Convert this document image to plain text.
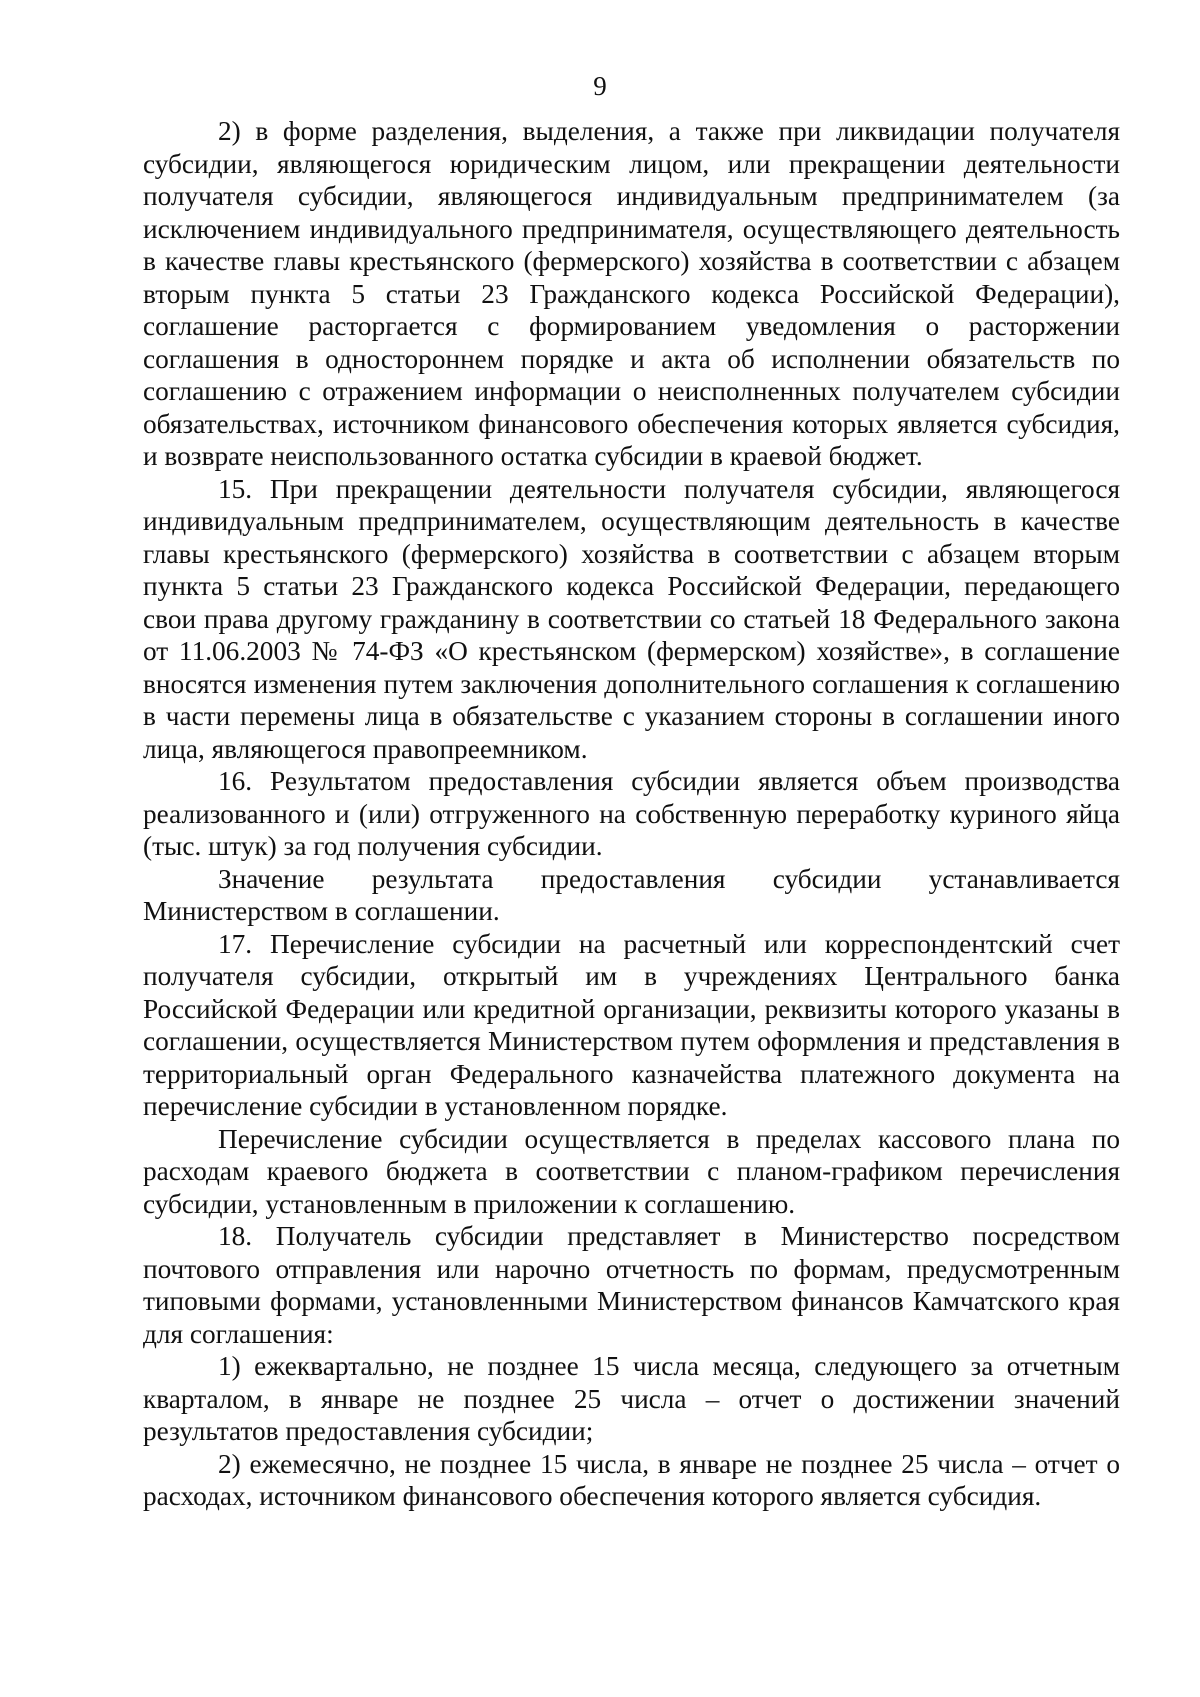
9

2) в форме разделения, выделения, а также при ликвидации получателя субсидии, являющегося юридическим лицом, или прекращении деятельности получателя субсидии, являющегося индивидуальным предпринимателем (за исключением индивидуального предпринимателя, осуществляющего деятельность в качестве главы крестьянского (фермерского) хозяйства в соответствии с абзацем вторым пункта 5 статьи 23 Гражданского кодекса Российской Федерации), соглашение расторгается с формированием уведомления о расторжении соглашения в одностороннем порядке и акта об исполнении обязательств по соглашению с отражением информации о неисполненных получателем субсидии обязательствах, источником финансового обеспечения которых является субсидия, и возврате неиспользованного остатка субсидии в краевой бюджет.

15. При прекращении деятельности получателя субсидии, являющегося индивидуальным предпринимателем, осуществляющим деятельность в качестве главы крестьянского (фермерского) хозяйства в соответствии с абзацем вторым пункта 5 статьи 23 Гражданского кодекса Российской Федерации, передающего свои права другому гражданину в соответствии со статьей 18 Федерального закона от 11.06.2003 № 74-ФЗ «О крестьянском (фермерском) хозяйстве», в соглашение вносятся изменения путем заключения дополнительного соглашения к соглашению в части перемены лица в обязательстве с указанием стороны в соглашении иного лица, являющегося правопреемником.

16. Результатом предоставления субсидии является объем производства реализованного и (или) отгруженного на собственную переработку куриного яйца (тыс. штук) за год получения субсидии.

Значение результата предоставления субсидии устанавливается Министерством в соглашении.

17. Перечисление субсидии на расчетный или корреспондентский счет получателя субсидии, открытый им в учреждениях Центрального банка Российской Федерации или кредитной организации, реквизиты которого указаны в соглашении, осуществляется Министерством путем оформления и представления в территориальный орган Федерального казначейства платежного документа на перечисление субсидии в установленном порядке.

Перечисление субсидии осуществляется в пределах кассового плана по расходам краевого бюджета в соответствии с планом-графиком перечисления субсидии, установленным в приложении к соглашению.

18. Получатель субсидии представляет в Министерство посредством почтового отправления или нарочно отчетность по формам, предусмотренным типовыми формами, установленными Министерством финансов Камчатского края для соглашения:

1) ежеквартально, не позднее 15 числа месяца, следующего за отчетным кварталом, в январе не позднее 25 числа – отчет о достижении значений результатов предоставления субсидии;

2) ежемесячно, не позднее 15 числа, в январе не позднее 25 числа – отчет о расходах, источником финансового обеспечения которого является субсидия.
